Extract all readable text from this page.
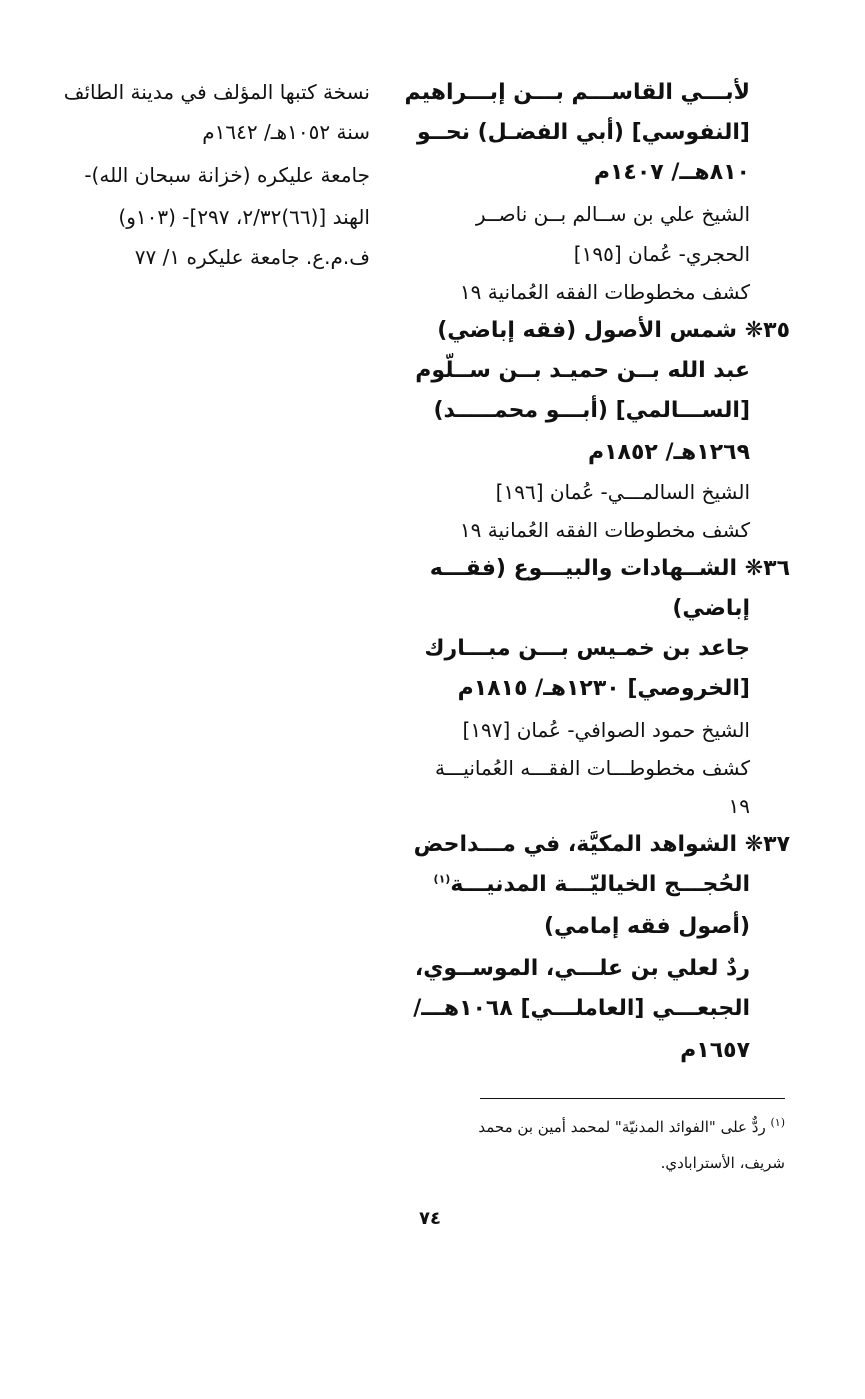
نسخة كتبها المؤلف في مدينة الطائف
سنة ١٠٥٢هـ/ ١٦٤٢م
جامعة عليكره (خزانة سبحان الله)-
الهند [(٦٦)٢/٣٢، ٢٩٧]- (١٠٣و)
ف.م.ع. جامعة عليكره ١/ ٧٧
لأبـــي القاســـم بـــن إبـــراهيم
[النفوسي] (أبي الفضـل) نحــو
٨١٠هــ/ ١٤٠٧م
الشيخ علي بن ســالم بــن ناصــر
الحجري- عُمان [١٩٥]
كشف مخطوطات الفقه العُمانية ١٩
٣٥❋ شمس الأصول (فقه إباضي)
عبد الله بــن حميـد بــن ســلّوم
[الســـالمي] (أبـــو محمـــــد)
١٢٦٩هـ/ ١٨٥٢م
الشيخ السالمـــي- عُمان [١٩٦]
كشف مخطوطات الفقه العُمانية ١٩
٣٦❋ الشــهادات والبيـــوع (فقـــه
إباضي)
جاعد بن خمـيس بـــن مبـــارك
[الخروصي] ١٢٣٠هـ/ ١٨١٥م
الشيخ حمود الصوافي- عُمان [١٩٧]
كشف مخطوطـــات الفقـــه العُمانيـــة
١٩
٣٧❋ الشواهد المكيَّة، في مـــداحض
الحُجـــج الخياليّـــة المدنيـــة$^{(١)}$
(أصول فقه إمامي)
ردٌ لعلي بن علـــي، الموســوي،
الجبعـــي [العاملـــي] ١٠٦٨هـــ/
١٦٥٧م
$^{(١)}$ ردٌّ على "الفوائد المدنيّة" لمحمد أمين بن محمد
شريف، الأسترابادي.
٧٤
